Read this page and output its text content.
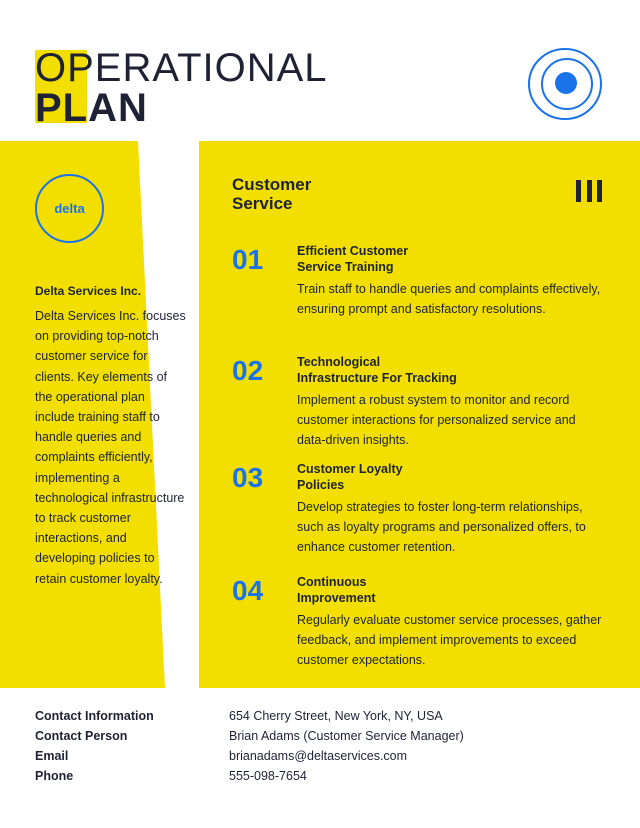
OPERATIONAL
PLAN
delta
Delta Services Inc.
Delta Services Inc. focuses on providing top-notch customer service for clients. Key elements of the operational plan include training staff to handle queries and complaints efficiently, implementing a technological infrastructure to track customer interactions, and developing policies to retain customer loyalty.
Customer
Service
01	Efficient Customer
Service Training
Train staff to handle queries and complaints effectively, ensuring prompt and satisfactory resolutions.
02	Technological
Infrastructure For Tracking
Implement a robust system to monitor and record customer interactions for personalized service and data-driven insights.
03	Customer Loyalty
Policies
Develop strategies to foster long-term relationships, such as loyalty programs and personalized offers, to enhance customer retention.
04	Continuous
Improvement
Regularly evaluate customer service processes, gather feedback, and implement improvements to exceed customer expectations.
Contact Information	654 Cherry Street, New York, NY, USA
Contact Person	Brian Adams (Customer Service Manager)
Email	brianadams@deltaservices.com
Phone	555-098-7654
